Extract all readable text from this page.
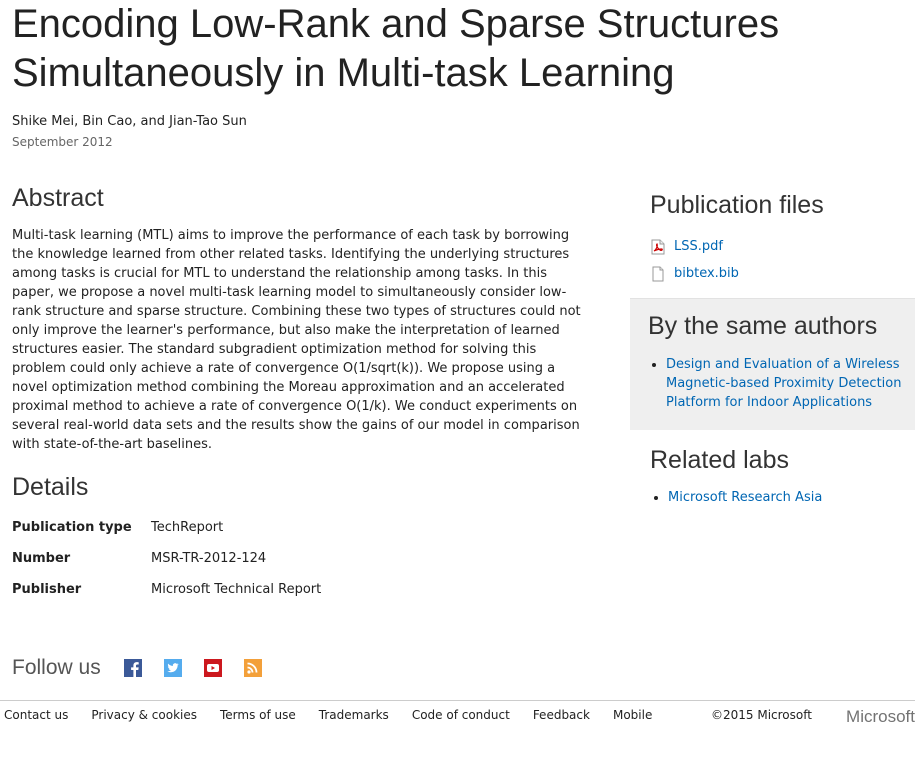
Encoding Low-Rank and Sparse Structures
Simultaneously in Multi-task Learning
Shike Mei, Bin Cao, and Jian-Tao Sun
September 2012
Abstract

Multi-task learning (MTL) aims to improve the performance of each task by borrowing the knowledge learned from other related tasks. Identifying the underlying structures among tasks is crucial for MTL to understand the relationship among tasks. In this paper, we propose a novel multi-task learning model to simultaneously consider low-rank structure and sparse structure. Combining these two types of structures could not only improve the learner's performance, but also make the interpretation of learned structures easier. The standard subgradient optimization method for solving this problem could only achieve a rate of convergence O(1/sqrt(k)). We propose using a novel optimization method combining the Moreau approximation and an accelerated proximal method to achieve a rate of convergence O(1/k). We conduct experiments on several real-world data sets and the results show the gains of our model in comparison with state-of-the-art baselines.

Details
Publication type	TechReport
Number	MSR-TR-2012-124
Publisher	Microsoft Technical Report
Publication files
LSS.pdf
bibtex.bib
By the same authors
• Design and Evaluation of a Wireless Magnetic-based Proximity Detection Platform for Indoor Applications
Related labs
• Microsoft Research Asia
Follow us
Contact us Privacy & cookies Terms of use Trademarks Code of conduct Feedback Mobile	©2015 Microsoft Microsoft
